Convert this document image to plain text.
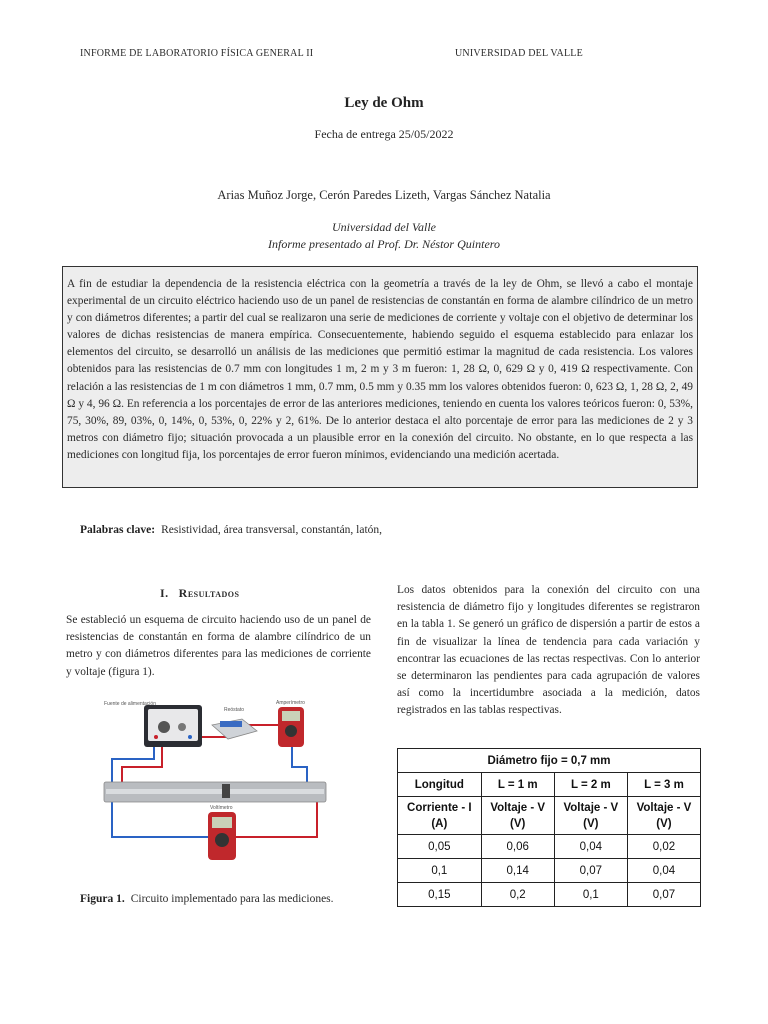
INFORME DE LABORATORIO FÍSICA GENERAL II	UNIVERSIDAD DEL VALLE
Ley de Ohm
Fecha de entrega 25/05/2022
Arias Muñoz Jorge, Cerón Paredes Lizeth, Vargas Sánchez Natalia
Universidad del Valle
Informe presentado al Prof. Dr. Néstor Quintero
A fin de estudiar la dependencia de la resistencia eléctrica con la geometría a través de la ley de Ohm, se llevó a cabo el montaje experimental de un circuito eléctrico haciendo uso de un panel de resistencias de constantán en forma de alambre cilíndrico de un metro y con diámetros diferentes; a partir del cual se realizaron una serie de mediciones de corriente y voltaje con el objetivo de determinar los valores de dichas resistencias de manera empírica. Consecuentemente, habiendo seguido el esquema establecido para enlazar los elementos del circuito, se desarrolló un análisis de las mediciones que permitió estimar la magnitud de cada resistencia. Los valores obtenidos para las resistencias de 0.7 mm con longitudes 1 m, 2 m y 3 m fueron: 1, 28 Ω, 0, 629 Ω y 0, 419 Ω respectivamente. Con relación a las resistencias de 1 m con diámetros 1 mm, 0.7 mm, 0.5 mm y 0.35 mm los valores obtenidos fueron: 0, 623 Ω, 1, 28 Ω, 2, 49 Ω y 4, 96 Ω. En referencia a los porcentajes de error de las anteriores mediciones, teniendo en cuenta los valores teóricos fueron: 0, 53%, 75, 30%, 89, 03%, 0, 14%, 0, 53%, 0, 22% y 2, 61%. De lo anterior destaca el alto porcentaje de error para las mediciones de 2 y 3 metros con diámetro fijo; situación provocada a un plausible error en la conexión del circuito. No obstante, en lo que respecta a las mediciones con longitud fija, los porcentajes de error fueron mínimos, evidenciando una medición acertada.
Palabras clave: Resistividad, área transversal, constantán, latón,
I. Resultados
Se estableció un esquema de circuito haciendo uso de un panel de resistencias de constantán en forma de alambre cilíndrico de un metro y con diámetros diferentes para las mediciones de corriente y voltaje (figura 1).
Los datos obtenidos para la conexión del circuito con una resistencia de diámetro fijo y longitudes diferentes se registraron en la tabla 1. Se generó un gráfico de dispersión a partir de estos a fin de visualizar la línea de tendencia para cada variación y encontrar las ecuaciones de las rectas respectivas. Con lo anterior se determinaron las pendientes para cada agrupación de valores así como la incertidumbre asociada a la medición, datos registrados en las tablas respectivas.
Fuente de alimentación
Reóstato
Amperímetro
Voltímetro
Figura 1. Circuito implementado para las mediciones.
Diámetro fijo = 0,7 mm			
Longitud	L = 1 m	L = 2 m	L = 3 m
Corriente - I (A)	Voltaje - V (V)	Voltaje - V (V)	Voltaje - V (V)
0,05	0,06	0,04	0,02
0,1	0,14	0,07	0,04
0,15	0,2	0,1	0,07
